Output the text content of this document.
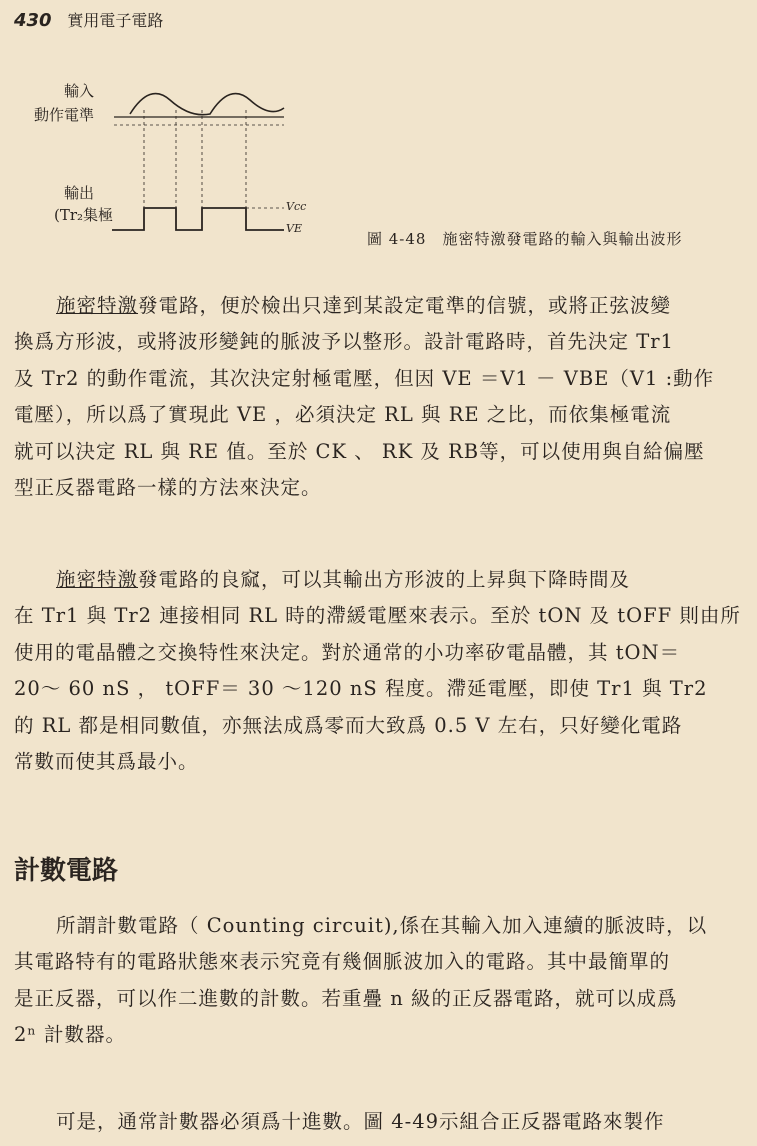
430 實用電子電路
輸入
動作電準
輸出
(Tr₂集極	Vcc
VE
圖 4-48　施密特激發電路的輸入與輸出波形
施密特激發電路，便於檢出只達到某設定電準的信號，或將正弦波變
換爲方形波，或將波形變鈍的脈波予以整形。設計電路時，首先決定 Tr1
及 Tr2 的動作電流，其次決定射極電壓，但因 VE ＝V1 － VBE（V1 :動作
電壓），所以爲了實現此 VE ，必須決定 RL 與 RE 之比，而依集極電流
就可以決定 RL 與 RE 值。至於 CK 、 RK 及 RB等，可以使用與自給偏壓
型正反器電路一樣的方法來決定。
施密特激發電路的良窳，可以其輸出方形波的上昇與下降時間及
在 Tr1 與 Tr2 連接相同 RL 時的滯緩電壓來表示。至於 tON 及 tOFF 則由所
使用的電晶體之交換特性來決定。對於通常的小功率矽電晶體，其 tON＝
20～ 60 nS ， tOFF＝ 30 ～120 nS 程度。滯延電壓，即使 Tr1 與 Tr2
的 RL 都是相同數值，亦無法成爲零而大致爲 0.5 V 左右，只好變化電路
常數而使其爲最小。
計數電路
所謂計數電路（ Counting circuit),係在其輸入加入連續的脈波時，以
其電路特有的電路狀態來表示究竟有幾個脈波加入的電路。其中最簡單的
是正反器，可以作二進數的計數。若重疊 n 級的正反器電路，就可以成爲
2ⁿ 計數器。
可是，通常計數器必須爲十進數。圖 4-49示組合正反器電路來製作
